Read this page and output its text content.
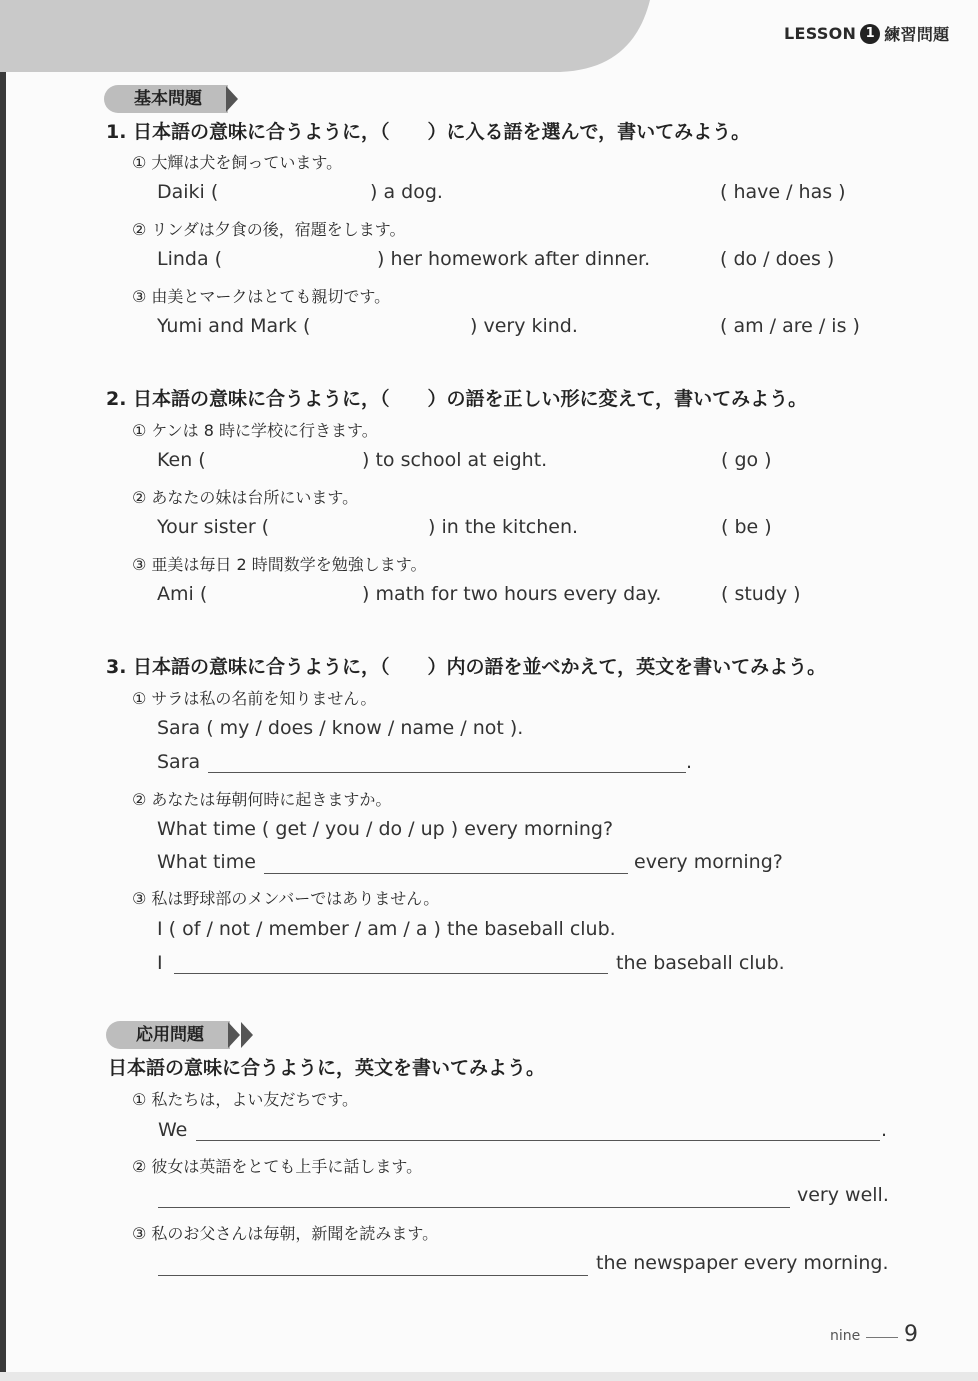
LESSON 1 練習問題
基本問題
1. 日本語の意味に合うように，（　　）に入る語を選んで，書いてみよう。
① 大輝は犬を飼っています。
Daiki (	) a dog.	( have / has )
② リンダは夕食の後，宿題をします。
Linda (	) her homework after dinner.	( do / does )
③ 由美とマークはとても親切です。
Yumi and Mark (	) very kind.	( am / are / is )
2. 日本語の意味に合うように，（　　）の語を正しい形に変えて，書いてみよう。
① ケンは 8 時に学校に行きます。
Ken (	) to school at eight.	( go )
② あなたの妹は台所にいます。
Your sister (	) in the kitchen.	( be )
③ 亜美は毎日 2 時間数学を勉強します。
Ami (	) math for two hours every day.	( study )
3. 日本語の意味に合うように，（　　）内の語を並べかえて，英文を書いてみよう。
① サラは私の名前を知りません。
Sara ( my / does / know / name / not ).
Sara	.
② あなたは毎朝何時に起きますか。
What time ( get / you / do / up ) every morning?
What time	every morning?
③ 私は野球部のメンバーではありません。
I ( of / not / member / am / a ) the baseball club.
I	the baseball club.
応用問題
日本語の意味に合うように，英文を書いてみよう。
① 私たちは，よい友だちです。
We	.
② 彼女は英語をとても上手に話します。
very well.
③ 私のお父さんは毎朝，新聞を読みます。
the newspaper every morning.
nine 9
